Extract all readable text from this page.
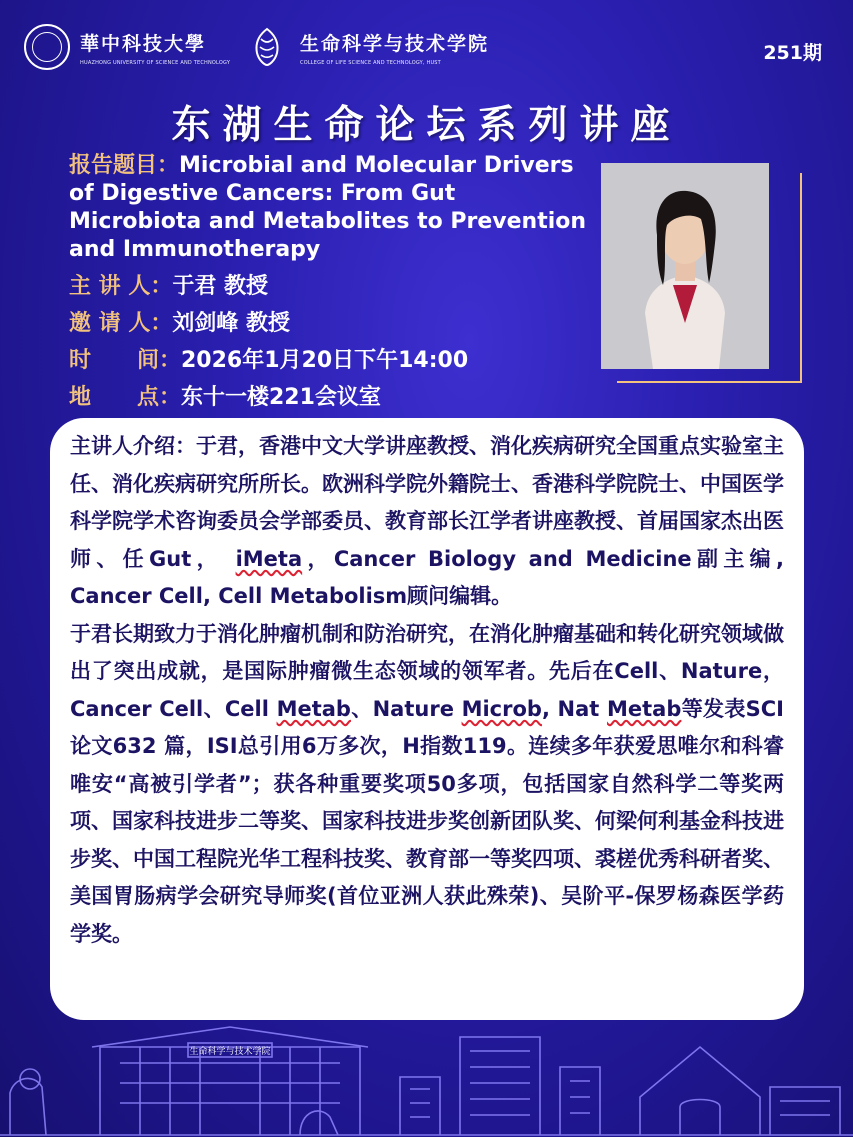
華中科技大學
HUAZHONG UNIVERSITY OF SCIENCE AND TECHNOLOGY
生命科学与技术学院
COLLEGE OF LIFE SCIENCE AND TECHNOLOGY, HUST	251期
东湖生命论坛系列讲座
报告题目：Microbial and Molecular Drivers of Digestive Cancers: From Gut Microbiota and Metabolites to Prevention and Immunotherapy
主 讲 人： 于君 教授
邀 请 人： 刘剑峰 教授
时      间： 2026年1月20日下午14:00
地      点： 东十一楼221会议室

主讲人介绍：于君，香港中文大学讲座教授、消化疾病研究全国重点实验室主任、消化疾病研究所所长。欧洲科学院外籍院士、香港科学院院士、中国医学科学院学术咨询委员会学部委员、教育部长江学者讲座教授、首届国家杰出医师、任Gut， iMeta，Cancer Biology and Medicine副主编, Cancer Cell, Cell Metabolism顾问编辑。

于君长期致力于消化肿瘤机制和防治研究，在消化肿瘤基础和转化研究领域做出了突出成就，是国际肿瘤微生态领域的领军者。先后在Cell、Nature，Cancer Cell、Cell Metab、Nature Microb, Nat Metab等发表SCI论文632 篇，ISI总引用6万多次，H指数119。连续多年获爱思唯尔和科睿唯安“高被引学者”；获各种重要奖项50多项，包括国家自然科学二等奖两项、国家科技进步二等奖、国家科技进步奖创新团队奖、何梁何利基金科技进步奖、中国工程院光华工程科技奖、教育部一等奖四项、裘槎优秀科研者奖、美国胃肠病学会研究导师奖(首位亚洲人获此殊荣)、吴阶平-保罗杨森医学药学奖。

生命科学与技术学院
